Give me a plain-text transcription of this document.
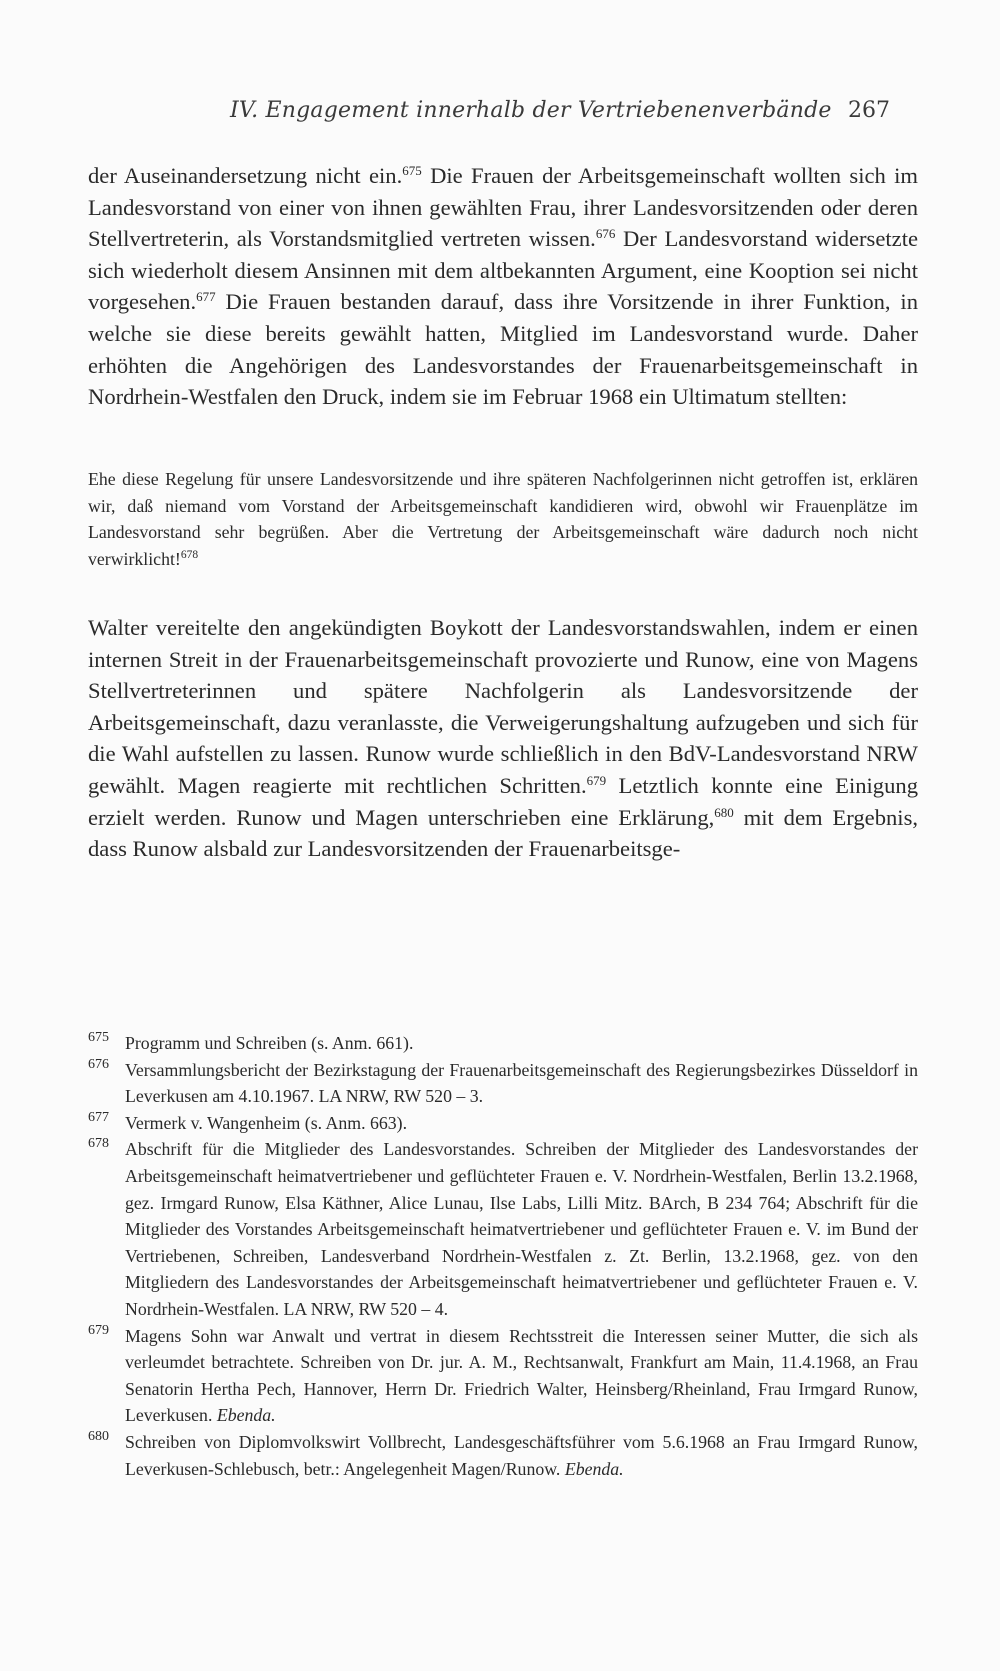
IV. Engagement innerhalb der Vertriebenenverbände 267

der Auseinandersetzung nicht ein.$^{675}$ Die Frauen der Arbeitsgemeinschaft wollten sich im Landesvorstand von einer von ihnen gewählten Frau, ihrer Landesvorsitzenden oder deren Stellvertreterin, als Vorstandsmitglied vertreten wissen.$^{676}$ Der Landesvorstand widersetzte sich wiederholt diesem Ansinnen mit dem altbekannten Argument, eine Kooption sei nicht vorgesehen.$^{677}$ Die Frauen bestanden darauf, dass ihre Vorsitzende in ihrer Funktion, in welche sie diese bereits gewählt hatten, Mitglied im Landesvorstand wurde. Daher erhöhten die Angehörigen des Landesvorstandes der Frauenarbeitsgemeinschaft in Nordrhein-Westfalen den Druck, indem sie im Februar 1968 ein Ultimatum stellten:

Ehe diese Regelung für unsere Landesvorsitzende und ihre späteren Nachfolgerinnen nicht getroffen ist, erklären wir, daß niemand vom Vorstand der Arbeitsgemeinschaft kandidieren wird, obwohl wir Frauenplätze im Landesvorstand sehr begrüßen. Aber die Vertretung der Arbeitsgemeinschaft wäre dadurch noch nicht verwirklicht!$^{678}$

Walter vereitelte den angekündigten Boykott der Landesvorstandswahlen, indem er einen internen Streit in der Frauenarbeitsgemeinschaft provozierte und Runow, eine von Magens Stellvertreterinnen und spätere Nachfolgerin als Landesvorsitzende der Arbeitsgemeinschaft, dazu veranlasste, die Verweigerungshaltung aufzugeben und sich für die Wahl aufstellen zu lassen. Runow wurde schließlich in den BdV-Landesvorstand NRW gewählt. Magen reagierte mit rechtlichen Schritten.$^{679}$ Letztlich konnte eine Einigung erzielt werden. Runow und Magen unterschrieben eine Erklärung,$^{680}$ mit dem Ergebnis, dass Runow alsbald zur Landesvorsitzenden der Frauenarbeitsge-

675 Programm und Schreiben (s. Anm. 661).
676 Versammlungsbericht der Bezirkstagung der Frauenarbeitsgemeinschaft des Regierungsbezirkes Düsseldorf in Leverkusen am 4.10.1967. LA NRW, RW 520 – 3.
677 Vermerk v. Wangenheim (s. Anm. 663).
678 Abschrift für die Mitglieder des Landesvorstandes. Schreiben der Mitglieder des Landesvorstandes der Arbeitsgemeinschaft heimatvertriebener und geflüchteter Frauen e. V. Nordrhein-Westfalen, Berlin 13.2.1968, gez. Irmgard Runow, Elsa Käthner, Alice Lunau, Ilse Labs, Lilli Mitz. BArch, B 234 764; Abschrift für die Mitglieder des Vorstandes Arbeitsgemeinschaft heimatvertriebener und geflüchteter Frauen e. V. im Bund der Vertriebenen, Schreiben, Landesverband Nordrhein-Westfalen z. Zt. Berlin, 13.2.1968, gez. von den Mitgliedern des Landesvorstandes der Arbeitsgemeinschaft heimatvertriebener und geflüchteter Frauen e. V. Nordrhein-Westfalen. LA NRW, RW 520 – 4.
679 Magens Sohn war Anwalt und vertrat in diesem Rechtsstreit die Interessen seiner Mutter, die sich als verleumdet betrachtete. Schreiben von Dr. jur. A. M., Rechtsanwalt, Frankfurt am Main, 11.4.1968, an Frau Senatorin Hertha Pech, Hannover, Herrn Dr. Friedrich Walter, Heinsberg/Rheinland, Frau Irmgard Runow, Leverkusen. Ebenda.
680 Schreiben von Diplomvolkswirt Vollbrecht, Landesgeschäftsführer vom 5.6.1968 an Frau Irmgard Runow, Leverkusen-Schlebusch, betr.: Angelegenheit Magen/Runow. Ebenda.
